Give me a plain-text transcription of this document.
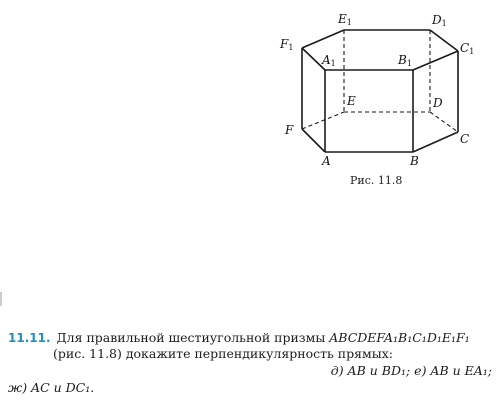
$F_1$
$E_1$	$D_1$
$C_1$
$A_1$	$B_1$
E	D
F
C
A	B
Рис. 11.8
11.11. Для правильной шестиугольной призмы ABCDEFA₁B₁C₁D₁E₁F₁
(рис. 11.8) докажите перпендикулярность прямых:
д) AB и BD₁; е) AB и EA₁;
ж) AC и DC₁.
